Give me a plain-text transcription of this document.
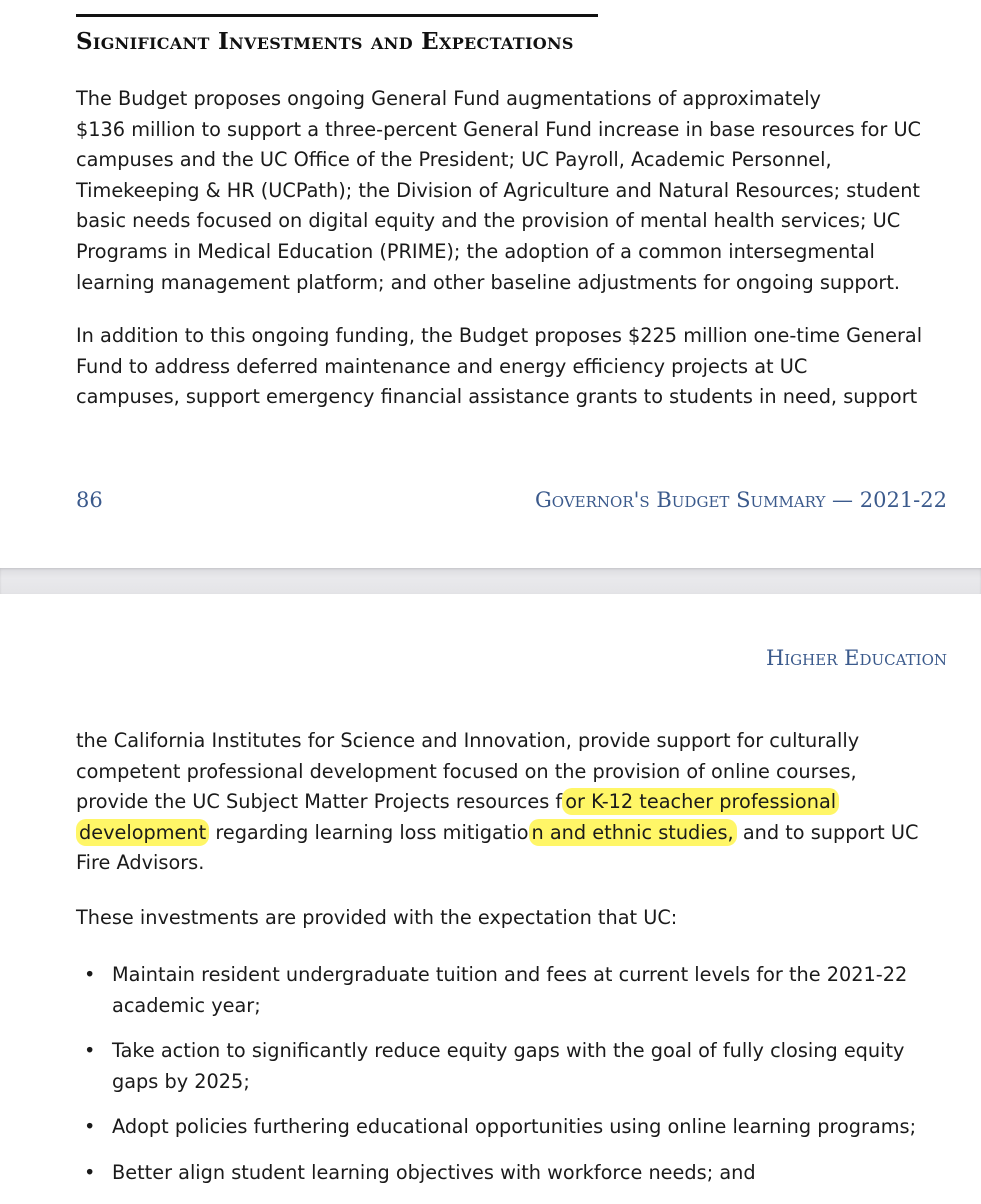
Significant Investments and Expectations

The Budget proposes ongoing General Fund augmentations of approximately
$136 million to support a three-percent General Fund increase in base resources for UC
campuses and the UC Office of the President; UC Payroll, Academic Personnel,
Timekeeping & HR (UCPath); the Division of Agriculture and Natural Resources; student
basic needs focused on digital equity and the provision of mental health services; UC
Programs in Medical Education (PRIME); the adoption of a common intersegmental
learning management platform; and other baseline adjustments for ongoing support.

In addition to this ongoing funding, the Budget proposes $225 million one-time General
Fund to address deferred maintenance and energy efficiency projects at UC
campuses, support emergency financial assistance grants to students in need, support

86	Governor's Budget Summary — 2021-22
Higher Education

the California Institutes for Science and Innovation, provide support for culturally
competent professional development focused on the provision of online courses,
provide the UC Subject Matter Projects resources f or K-12 teacher professional
development regarding learning loss mitigatio n and ethnic studies, and to support UC
Fire Advisors.

These investments are provided with the expectation that UC:

• Maintain resident undergraduate tuition and fees at current levels for the 2021-22
academic year;
• Take action to significantly reduce equity gaps with the goal of fully closing equity
gaps by 2025;
• Adopt policies furthering educational opportunities using online learning programs;
• Better align student learning objectives with workforce needs; and
